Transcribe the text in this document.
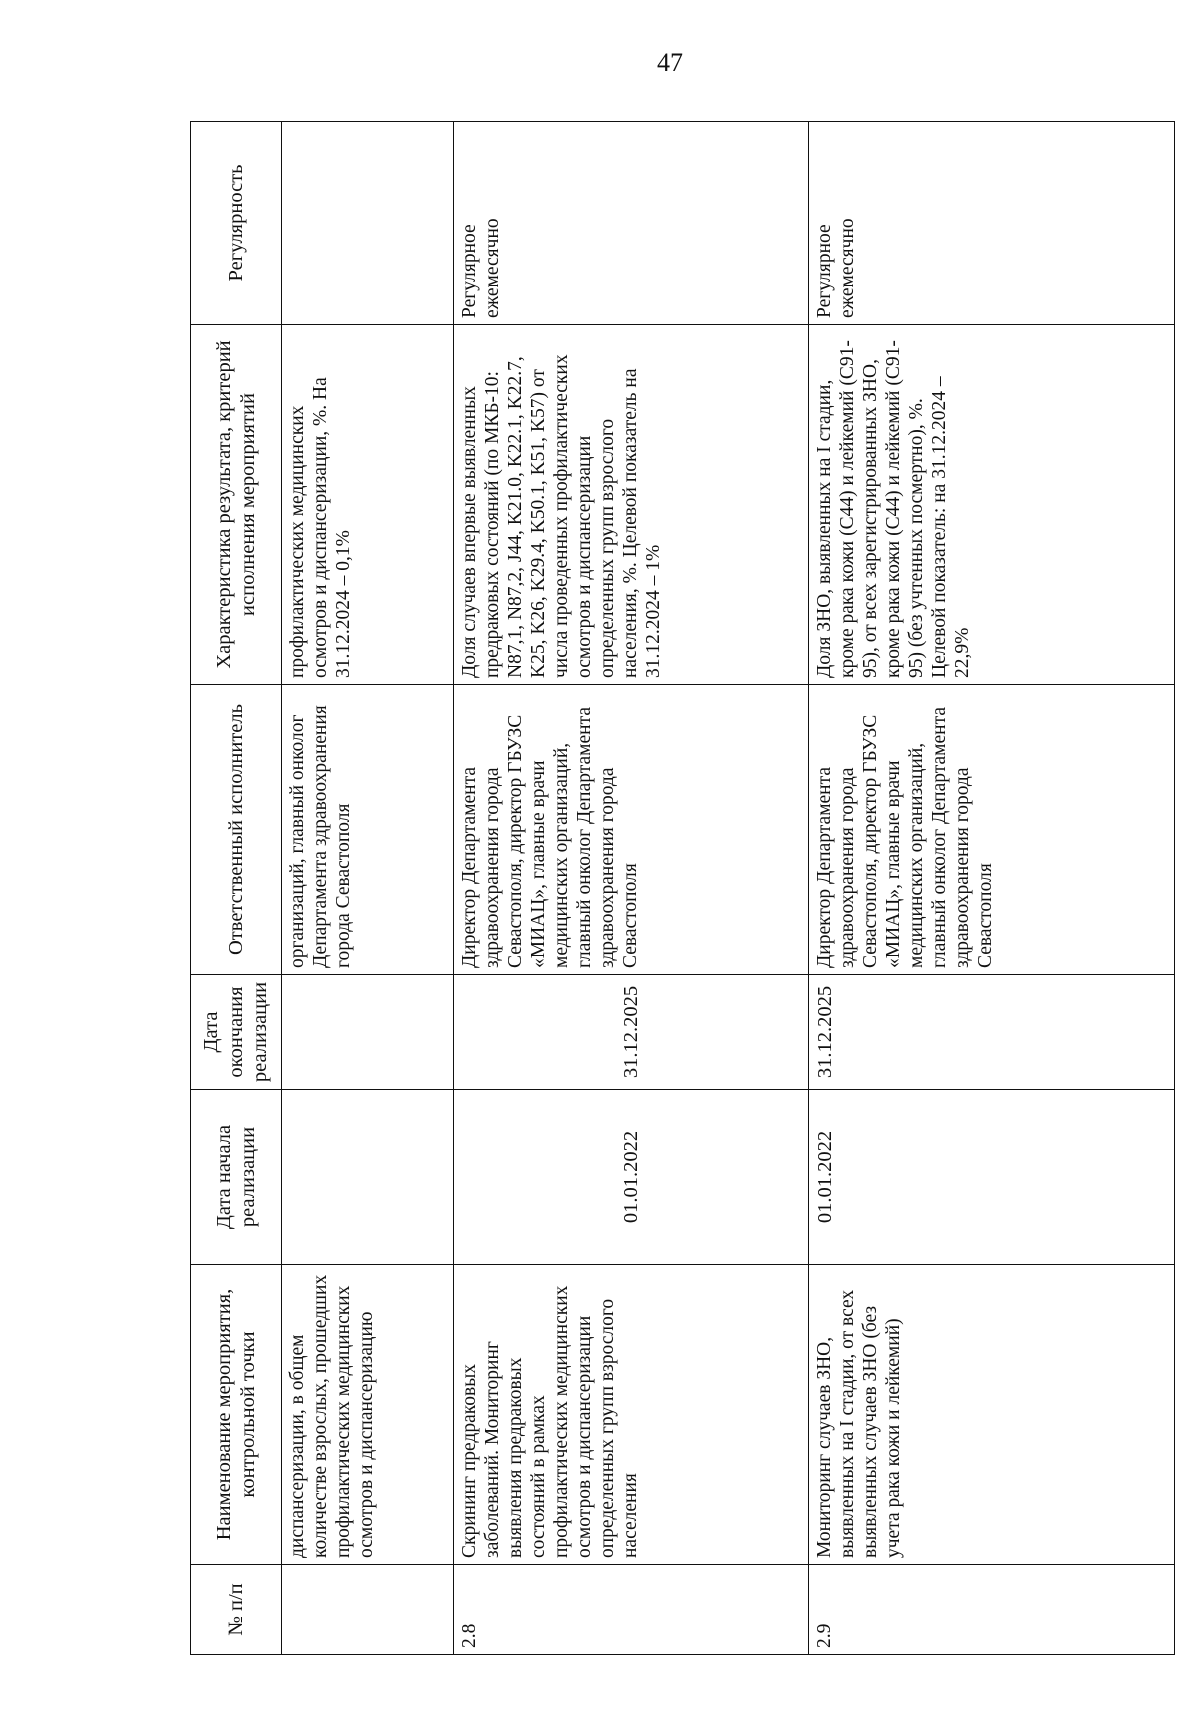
47
№ п/п	Наименование мероприятия, контрольной точки	Дата начала реализации	Дата окончания реализации	Ответственный исполнитель	Характеристика результата, критерий исполнения мероприятий	Регулярность
	диспансеризации, в общем количестве взрослых, прошедших профилактических медицинских осмотров и диспансеризацию			организаций, главный онколог Департамента здравоохранения города Севастополя	профилактических медицинских осмотров и диспансеризации, %. На 31.12.2024 – 0,1%	
2.8	Скрининг предраковых заболеваний. Мониторинг выявления предраковых состояний в рамках профилактических медицинских осмотров и диспансеризации определенных групп взрослого населения	01.01.2022	31.12.2025	Директор Департамента здравоохранения города Севастополя, директор ГБУЗС «МИАЦ», главные врачи медицинских организаций, главный онколог Департамента здравоохранения города Севастополя	Доля случаев впервые выявленных предраковых состояний (по МКБ-10: N87,1, N87,2, J44, K21.0, K22.1, K22.7, K25, K26, K29.4, K50.1, K51, K57) от числа проведенных профилактических осмотров и диспансеризации определенных групп взрослого населения, %. Целевой показатель на 31.12.2024 – 1%	Регулярное ежемесячно
2.9	Мониторинг случаев ЗНО, выявленных на I стадии, от всех выявленных случаев ЗНО (без учета рака кожи и лейкемий)	01.01.2022	31.12.2025	Директор Департамента здравоохранения города Севастополя, директор ГБУЗС «МИАЦ», главные врачи медицинских организаций, главный онколог Департамента здравоохранения города Севастополя	Доля ЗНО, выявленных на I стадии, кроме рака кожи (С44) и лейкемий (С91-95), от всех зарегистрированных ЗНО, кроме рака кожи (С44) и лейкемий (С91-95) (без учтенных посмертно), %. Целевой показатель: на 31.12.2024 – 22,9%	Регулярное ежемесячно
